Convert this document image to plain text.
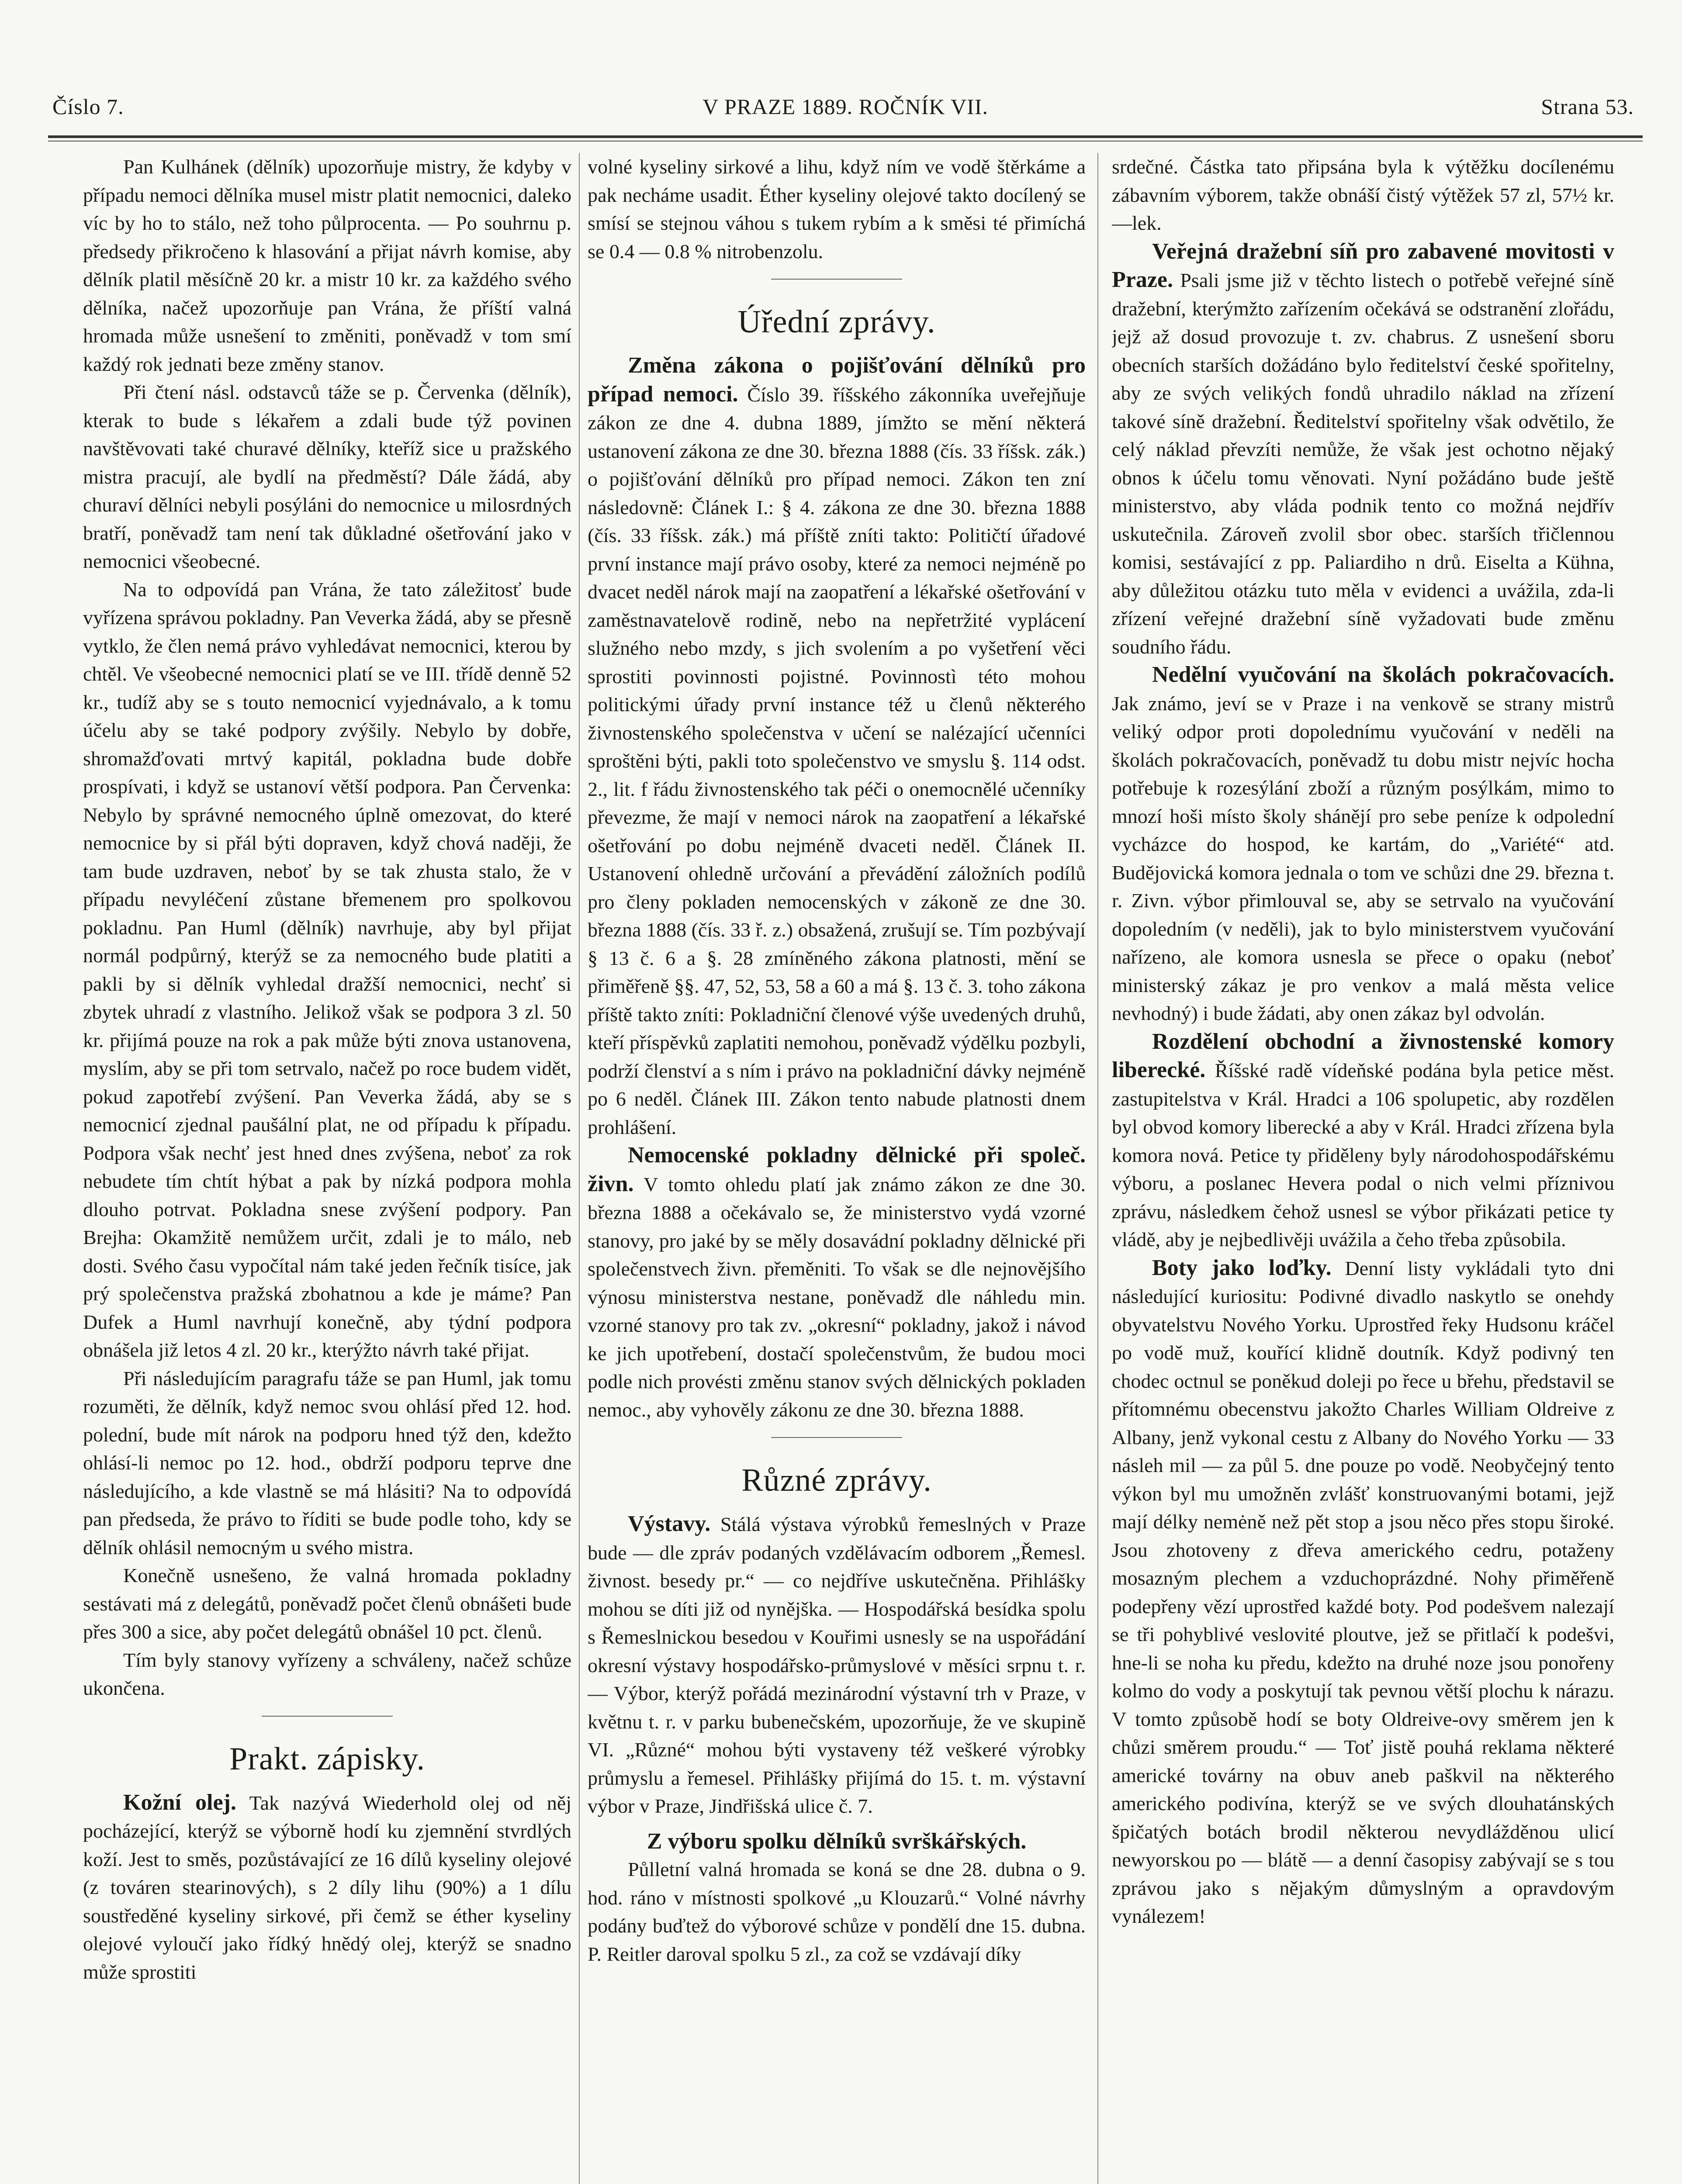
Číslo 7.	V PRAZE 1889. ROČNÍK VII.	Strana 53.

Pan Kulhánek (dělník) upozorňuje mistry, že kdyby v případu nemoci dělníka musel mistr platit nemocnici, daleko víc by ho to stálo, než toho půlprocenta. — Po souhrnu p. předsedy přikročeno k hlasování a přijat návrh komise, aby dělník platil měsíčně 20 kr. a mistr 10 kr. za každého svého dělníka, načež upozorňuje pan Vrána, že příští valná hromada může usnešení to změniti, poněvadž v tom smí každý rok jednati beze změny stanov.

Při čtení násl. odstavců táže se p. Červenka (dělník), kterak to bude s lékařem a zdali bude týž povinen navštěvovati také churavé dělníky, kteříž sice u pražského mistra pracují, ale bydlí na předměstí? Dále žádá, aby churaví dělníci nebyli posýláni do nemocnice u milosrdných bratří, poněvadž tam není tak důkladné ošetřování jako v nemocnici všeobecné.

Na to odpovídá pan Vrána, že tato záležitosť bude vyřízena správou pokladny. Pan Veverka žádá, aby se přesně vytklo, že člen nemá právo vyhledávat nemocnici, kterou by chtěl. Ve všeobecné nemocnici platí se ve III. třídě denně 52 kr., tudíž aby se s touto nemocnicí vyjednávalo, a k tomu účelu aby se také podpory zvýšily. Nebylo by dobře, shromažďovati mrtvý kapitál, pokladna bude dobře prospívati, i když se ustanoví větší podpora. Pan Červenka: Nebylo by správné nemocného úplně omezovat, do které nemocnice by si přál býti dopraven, když chová naději, že tam bude uzdraven, neboť by se tak zhusta stalo, že v případu nevyléčení zůstane břemenem pro spolkovou pokladnu. Pan Huml (dělník) navrhuje, aby byl přijat normál podpůrný, kterýž se za nemocného bude platiti a pakli by si dělník vyhledal dražší nemocnici, nechť si zbytek uhradí z vlastního. Jelikož však se podpora 3 zl. 50 kr. přijímá pouze na rok a pak může býti znova ustanovena, myslím, aby se při tom setrvalo, načež po roce budem vidět, pokud zapotřebí zvýšení. Pan Veverka žádá, aby se s nemocnicí zjednal paušální plat, ne od případu k případu. Podpora však nechť jest hned dnes zvýšena, neboť za rok nebudete tím chtít hýbat a pak by nízká podpora mohla dlouho potrvat. Pokladna snese zvýšení podpory. Pan Brejha: Okamžitě nemůžem určit, zdali je to málo, neb dosti. Svého času vypočítal nám také jeden řečník tisíce, jak prý společenstva pražská zbohatnou a kde je máme? Pan Dufek a Huml navrhují konečně, aby týdní podpora obnášela již letos 4 zl. 20 kr., kterýžto návrh také přijat.

Při následujícím paragrafu táže se pan Huml, jak tomu rozuměti, že dělník, když nemoc svou ohlásí před 12. hod. polední, bude mít nárok na podporu hned týž den, kdežto ohlásí-li nemoc po 12. hod., obdrží podporu teprve dne následujícího, a kde vlastně se má hlásiti? Na to odpovídá pan předseda, že právo to říditi se bude podle toho, kdy se dělník ohlásil nemocným u svého mistra.

Konečně usnešeno, že valná hromada pokladny sestávati má z delegátů, poněvadž počet členů obnášeti bude přes 300 a sice, aby počet delegátů obnášel 10 pct. členů.

Tím byly stanovy vyřízeny a schváleny, načež schůze ukončena.

Prakt. zápisky.

Kožní olej. Tak nazývá Wiederhold olej od něj pocházející, kterýž se výborně hodí ku zjemnění stvrdlých koží. Jest to směs, pozůstávající ze 16 dílů kyseliny olejové (z továren stearinových), s 2 díly lihu (90%) a 1 dílu soustředěné kyseliny sirkové, při čemž se éther kyseliny olejové vyloučí jako řídký hnědý olej, kterýž se snadno může sprostiti

volné kyseliny sirkové a lihu, když ním ve vodě štěrkáme a pak necháme usadit. Éther kyseliny olejové takto docílený se smísí se stejnou váhou s tukem rybím a k směsi té přimíchá se 0.4 — 0.8 % nitrobenzolu.

Úřední zprávy.

Změna zákona o pojišťování dělníků pro případ nemoci. Číslo 39. říšského zákonníka uveřejňuje zákon ze dne 4. dubna 1889, jímžto se mění některá ustanovení zákona ze dne 30. března 1888 (čís. 33 říšsk. zák.) o pojišťování dělníků pro případ nemoci. Zákon ten zní následovně: Článek I.: § 4. zákona ze dne 30. března 1888 (čís. 33 říšsk. zák.) má příště zníti takto: Političtí úřadové první instance mají právo osoby, které za nemoci nejméně po dvacet neděl nárok mají na zaopatření a lékařské ošetřování v zaměstnavatelově rodině, nebo na nepřetržité vyplácení služného nebo mzdy, s jich svolením a po vyšetření věci sprostiti povinnosti pojistné. Povinnostì této mohou politickými úřady první instance též u členů některého živnostenského společenstva v učení se nalézající učenníci sproštěni býti, pakli toto společenstvo ve smyslu §. 114 odst. 2., lit. f řádu živnostenského tak péči o onemocnělé učenníky převezme, že mají v nemoci nárok na zaopatření a lékařské ošetřování po dobu nejméně dvaceti neděl. Článek II. Ustanovení ohledně určování a převádění záložních podílů pro členy pokladen nemocenských v zákoně ze dne 30. března 1888 (čís. 33 ř. z.) obsažená, zrušují se. Tím pozbývají § 13 č. 6 a §. 28 zmíněného zákona platnosti, mění se přiměřeně §§. 47, 52, 53, 58 a 60 a má §. 13 č. 3. toho zákona příště takto zníti: Pokladniční členové výše uvedených druhů, kteří příspěvků zaplatiti nemohou, poněvadž výdělku pozbyli, podrží členství a s ním i právo na pokladniční dávky nejméně po 6 neděl. Článek III. Zákon tento nabude platnosti dnem prohlášení.

Nemocenské pokladny dělnické při společ. živn. V tomto ohledu platí jak známo zákon ze dne 30. března 1888 a očekávalo se, že ministerstvo vydá vzorné stanovy, pro jaké by se měly dosavádní pokladny dělnické při společenstvech živn. přeměniti. To však se dle nejnovějšího výnosu ministerstva nestane, poněvadž dle náhledu min. vzorné stanovy pro tak zv. „okresní“ pokladny, jakož i návod ke jich upotřebení, dostačí společenstvům, že budou moci podle nich provésti změnu stanov svých dělnických pokladen nemoc., aby vyhověly zákonu ze dne 30. března 1888.

Různé zprávy.

Výstavy. Stálá výstava výrobků řemeslných v Praze bude — dle zpráv podaných vzdělávacím odborem „Řemesl. živnost. besedy pr.“ — co nejdříve uskutečněna. Přihlášky mohou se díti již od nynějška. — Hospodářská besídka spolu s Řemeslnickou besedou v Kouřimi usnesly se na uspořádání okresní výstavy hospodářsko-průmyslové v měsíci srpnu t. r. — Výbor, kterýž pořádá mezinárodní výstavní trh v Praze, v květnu t. r. v parku bubenečském, upozorňuje, že ve skupině VI. „Různé“ mohou býti vystaveny též veškeré výrobky průmyslu a řemesel. Přihlášky přijímá do 15. t. m. výstavní výbor v Praze, Jindřišská ulice č. 7.

Z výboru spolku dělníků svrškářských.

Půlletní valná hromada se koná se dne 28. dubna o 9. hod. ráno v místnosti spolkové „u Klouzarů.“ Volné návrhy podány buďtež do výborové schůze v pondělí dne 15. dubna. P. Reitler daroval spolku 5 zl., za což se vzdávají díky

srdečné. Částka tato připsána byla k výtěžku docílenému zábavním výborem, takže obnáší čistý výtěžek 57 zl, 57½ kr. —lek.

Veřejná dražební síň pro zabavené movitosti v Praze. Psali jsme již v těchto listech o potřebě veřejné síně dražební, kterýmžto zařízením očekává se odstranění zlořádu, jejž až dosud provozuje t. zv. chabrus. Z usnešení sboru obecních starších dožádáno bylo ředitelství české spořitelny, aby ze svých velikých fondů uhradilo náklad na zřízení takové síně dražební. Ředitelství spořitelny však odvětilo, že celý náklad převzíti nemůže, že však jest ochotno nějaký obnos k účelu tomu věnovati. Nyní požádáno bude ještě ministerstvo, aby vláda podnik tento co možná nejdřív uskutečnila. Zároveň zvolil sbor obec. starších třičlennou komisi, sestávající z pp. Paliardiho n drů. Eiselta a Kühna, aby důležitou otázku tuto měla v evidenci a uvážila, zda-li zřízení veřejné dražební síně vyžadovati bude změnu soudního řádu.

Nedělní vyučování na školách pokračovacích. Jak známo, jeví se v Praze i na venkově se strany mistrů veliký odpor proti dopolednímu vyučování v neděli na školách pokračovacích, poněvadž tu dobu mistr nejvíc hocha potřebuje k rozesýlání zboží a různým posýlkám, mimo to mnozí hoši místo školy shánějí pro sebe peníze k odpolední vycházce do hospod, ke kartám, do „Variété“ atd. Budějovická komora jednala o tom ve schůzi dne 29. března t. r. Zivn. výbor přimlouval se, aby se setrvalo na vyučování dopoledním (v neděli), jak to bylo ministerstvem vyučování nařízeno, ale komora usnesla se přece o opaku (neboť ministerský zákaz je pro venkov a malá města velice nevhodný) i bude žádati, aby onen zákaz byl odvolán.

Rozdělení obchodní a živnostenské komory liberecké. Říšské radě vídeňské podána byla petice měst. zastupitelstva v Král. Hradci a 106 spolupetic, aby rozdělen byl obvod komory liberecké a aby v Král. Hradci zřízena byla komora nová. Petice ty přiděleny byly národohospodářskému výboru, a poslanec Hevera podal o nich velmi příznivou zprávu, následkem čehož usnesl se výbor přikázati petice ty vládě, aby je nejbedlivěji uvážila a čeho třeba způsobila.

Boty jako loďky. Denní listy vykládali tyto dni následující kuriositu: Podivné divadlo naskytlo se onehdy obyvatelstvu Nového Yorku. Uprostřed řeky Hudsonu kráčel po vodě muž, kouřící klidně doutník. Když podivný ten chodec octnul se poněkud doleji po řece u břehu, představil se přítomnému obecenstvu jakožto Charles William Oldreive z Albany, jenž vykonal cestu z Albany do Nového Yorku — 33 násleh mil — za půl 5. dne pouze po vodě. Neobyčejný tento výkon byl mu umožněn zvlášť konstruovanými botami, jejž mají délky nemėně než pět stop a jsou něco přes stopu široké. Jsou zhotoveny z dřeva amerického cedru, potaženy mosazným plechem a vzduchoprázdné. Nohy přiměřeně podepřeny vězí uprostřed každé boty. Pod podešvem nalezají se tři pohyblivé veslovité ploutve, jež se přitlačí k podešvi, hne-li se noha ku předu, kdežto na druhé noze jsou ponořeny kolmo do vody a poskytují tak pevnou větší plochu k nárazu. V tomto způsobě hodí se boty Oldreive-ovy směrem jen k chůzi směrem proudu.“ — Toť jistě pouhá reklama některé americké továrny na obuv aneb paškvil na některého amerického podivína, kterýž se ve svých dlouhatánských špičatých botách brodil některou nevydlážděnou ulicí newyorskou po — blátě — a denní časopisy zabývají se s tou zprávou jako s nějakým důmyslným a opravdovým vynálezem!
